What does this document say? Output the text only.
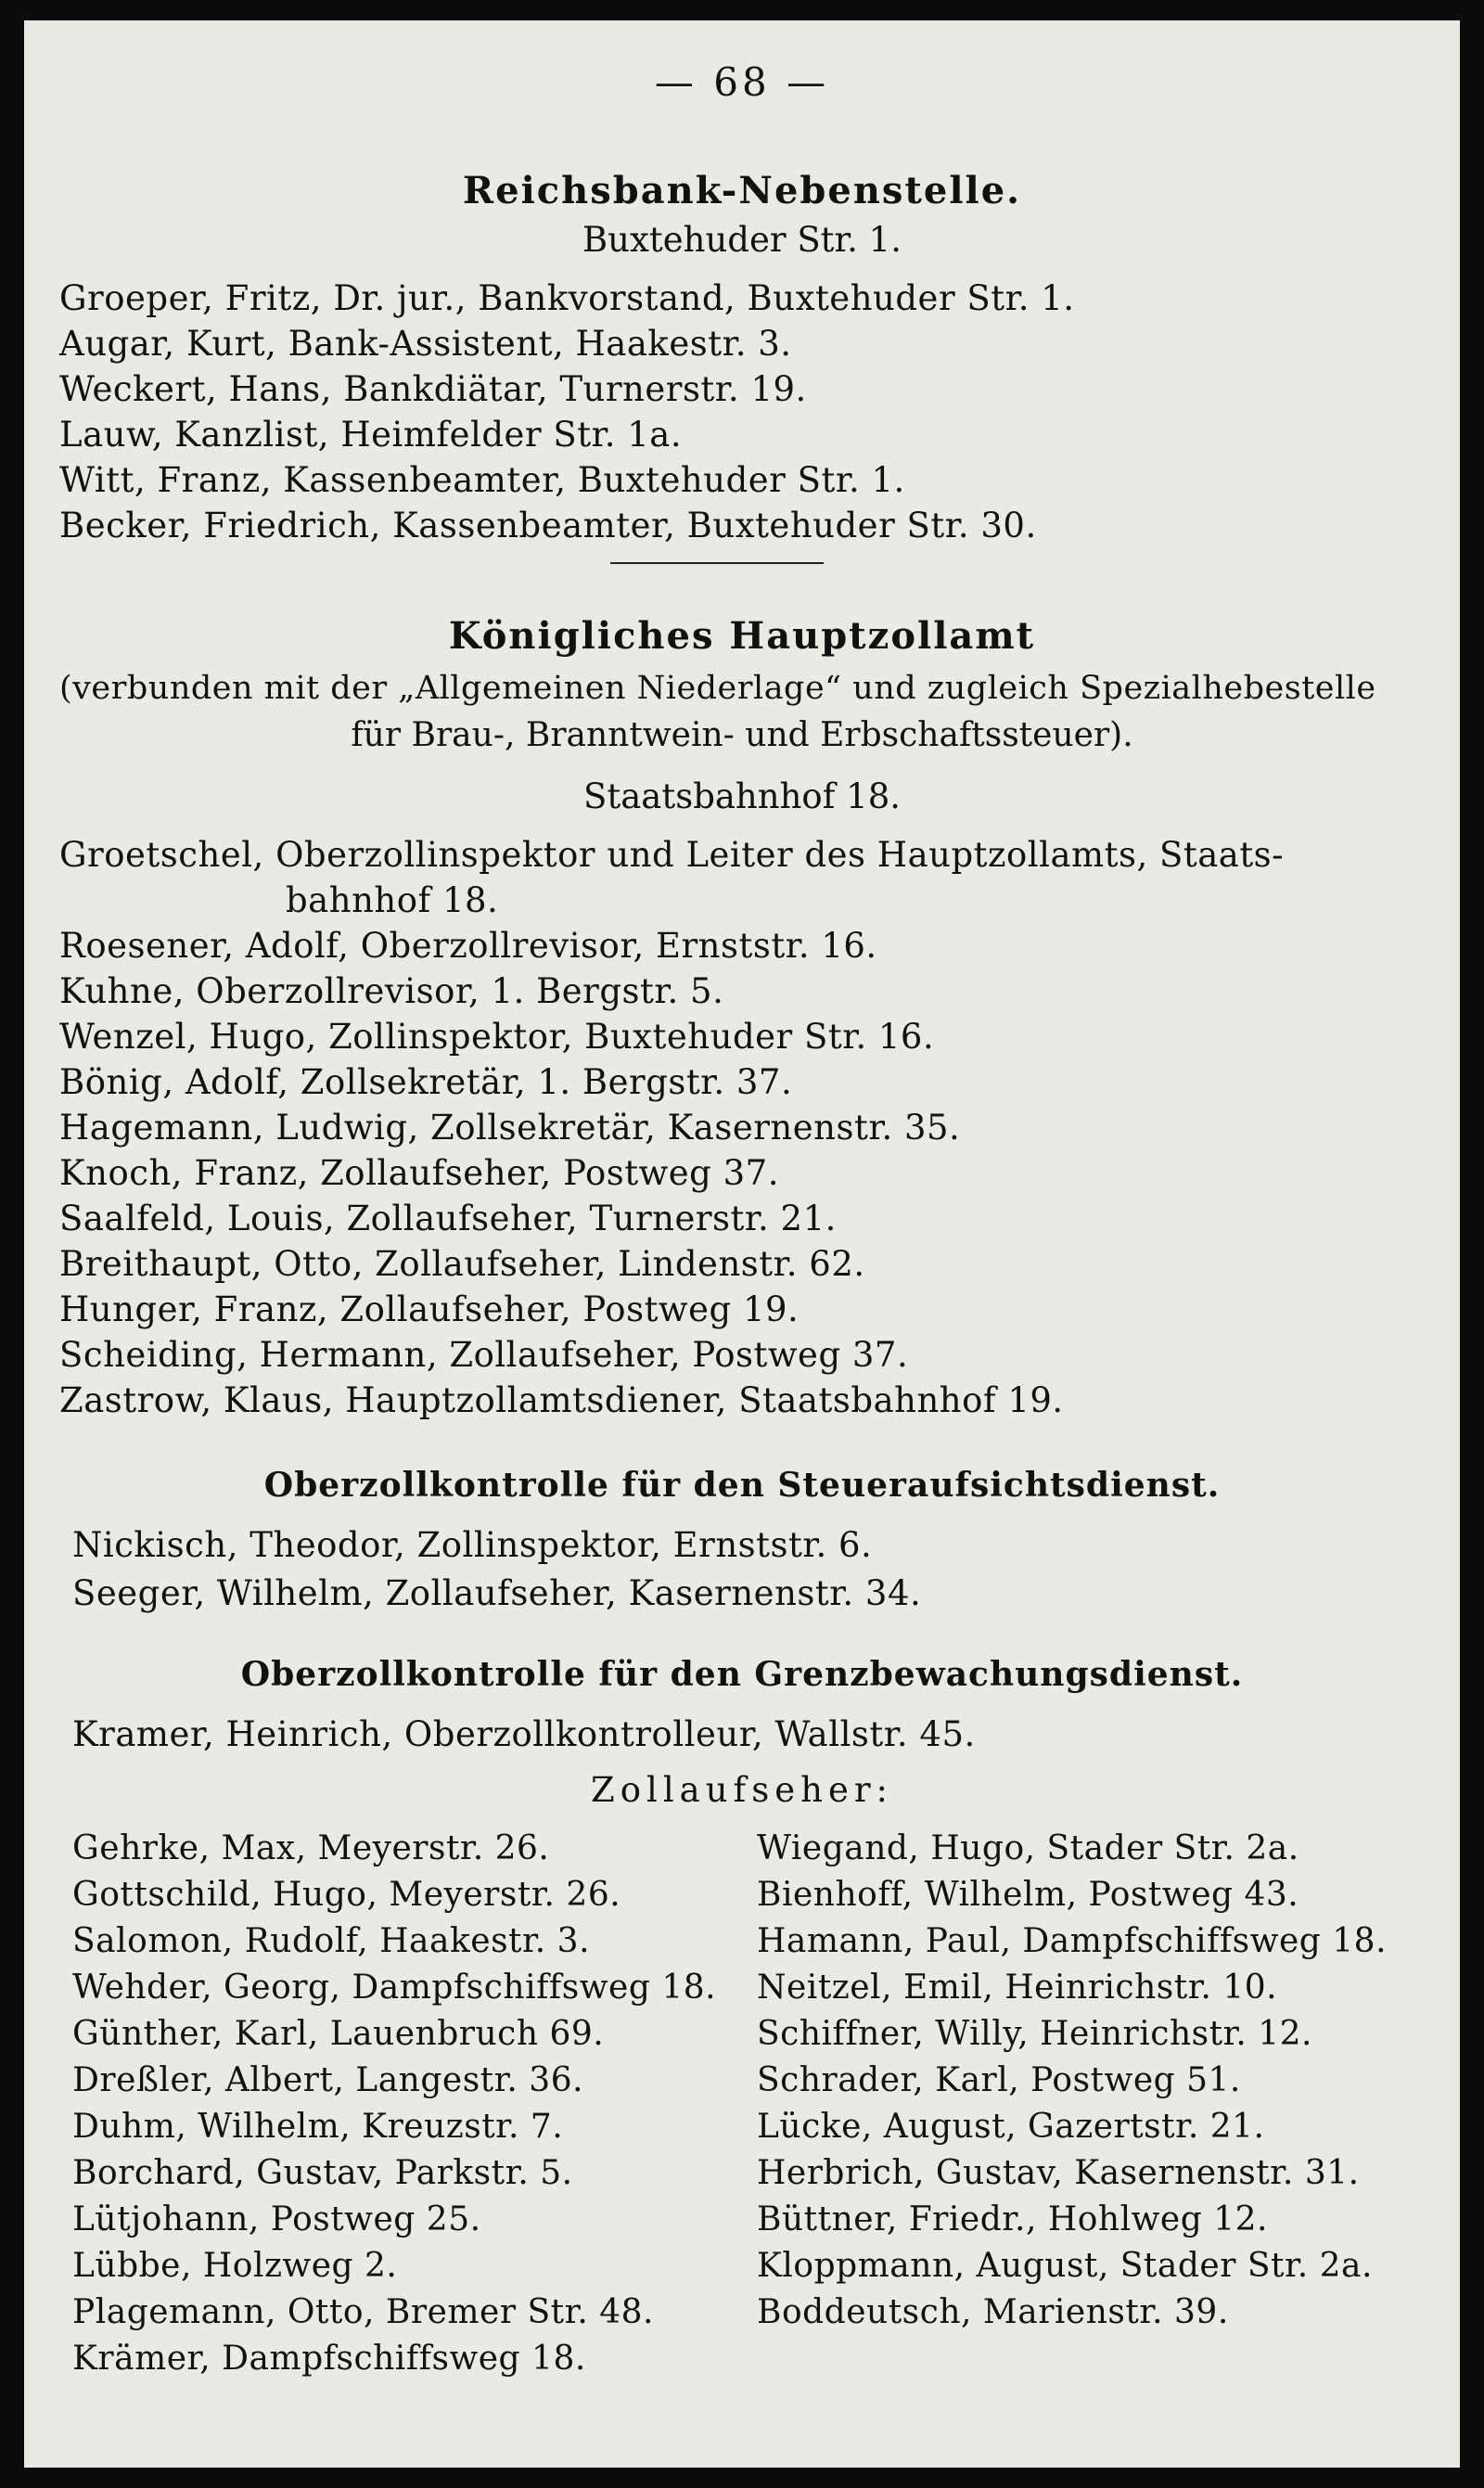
— 68 —
Reichsbank-Nebenstelle.
Buxtehuder Str. 1.
Groeper, Fritz, Dr. jur., Bankvorstand, Buxtehuder Str. 1.
Augar, Kurt, Bank-Assistent, Haakestr. 3.
Weckert, Hans, Bankdiätar, Turnerstr. 19.
Lauw, Kanzlist, Heimfelder Str. 1a.
Witt, Franz, Kassenbeamter, Buxtehuder Str. 1.
Becker, Friedrich, Kassenbeamter, Buxtehuder Str. 30.
Königliches Hauptzollamt
(verbunden mit der „Allgemeinen Niederlage“ und zugleich Spezialhebestelle
für Brau-, Branntwein- und Erbschaftssteuer).
Staatsbahnhof 18.
Groetschel, Oberzollinspektor und Leiter des Hauptzollamts, Staats-
bahnhof 18.
Roesener, Adolf, Oberzollrevisor, Ernststr. 16.
Kuhne, Oberzollrevisor, 1. Bergstr. 5.
Wenzel, Hugo, Zollinspektor, Buxtehuder Str. 16.
Bönig, Adolf, Zollsekretär, 1. Bergstr. 37.
Hagemann, Ludwig, Zollsekretär, Kasernenstr. 35.
Knoch, Franz, Zollaufseher, Postweg 37.
Saalfeld, Louis, Zollaufseher, Turnerstr. 21.
Breithaupt, Otto, Zollaufseher, Lindenstr. 62.
Hunger, Franz, Zollaufseher, Postweg 19.
Scheiding, Hermann, Zollaufseher, Postweg 37.
Zastrow, Klaus, Hauptzollamtsdiener, Staatsbahnhof 19.
Oberzollkontrolle für den Steueraufsichtsdienst.
Nickisch, Theodor, Zollinspektor, Ernststr. 6.
Seeger, Wilhelm, Zollaufseher, Kasernenstr. 34.
Oberzollkontrolle für den Grenzbewachungsdienst.
Kramer, Heinrich, Oberzollkontrolleur, Wallstr. 45.
Zollaufseher:
Gehrke, Max, Meyerstr. 26.
Gottschild, Hugo, Meyerstr. 26.
Salomon, Rudolf, Haakestr. 3.
Wehder, Georg, Dampfschiffsweg 18.
Günther, Karl, Lauenbruch 69.
Dreßler, Albert, Langestr. 36.
Duhm, Wilhelm, Kreuzstr. 7.
Borchard, Gustav, Parkstr. 5.
Lütjohann, Postweg 25.
Lübbe, Holzweg 2.
Plagemann, Otto, Bremer Str. 48.
Krämer, Dampfschiffsweg 18.
Wiegand, Hugo, Stader Str. 2a.
Bienhoff, Wilhelm, Postweg 43.
Hamann, Paul, Dampfschiffsweg 18.
Neitzel, Emil, Heinrichstr. 10.
Schiffner, Willy, Heinrichstr. 12.
Schrader, Karl, Postweg 51.
Lücke, August, Gazertstr. 21.
Herbrich, Gustav, Kasernenstr. 31.
Büttner, Friedr., Hohlweg 12.
Kloppmann, August, Stader Str. 2a.
Boddeutsch, Marienstr. 39.
